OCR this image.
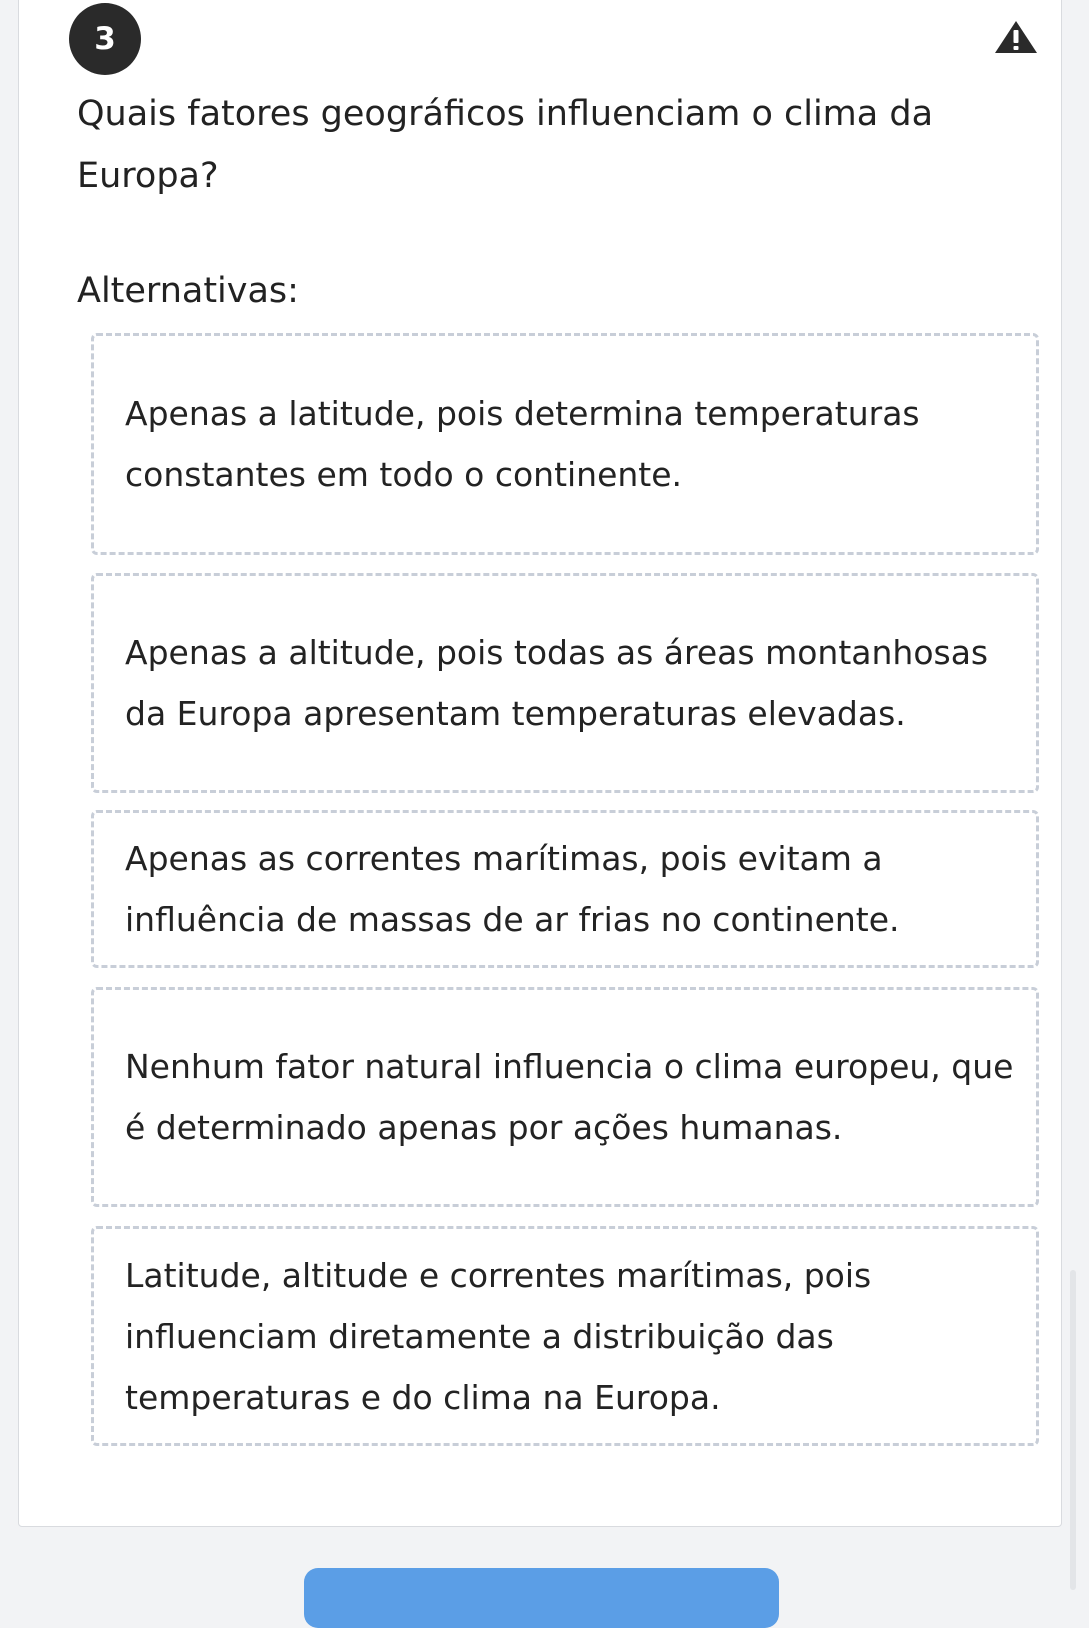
3
Quais fatores geográficos influenciam o clima da Europa?
Alternativas:
Apenas a latitude, pois determina temperaturas constantes em todo o continente.
Apenas a altitude, pois todas as áreas montanhosas da Europa apresentam temperaturas elevadas.
Apenas as correntes marítimas, pois evitam a influência de massas de ar frias no continente.
Nenhum fator natural influencia o clima europeu, que é determinado apenas por ações humanas.
Latitude, altitude e correntes marítimas, pois influenciam diretamente a distribuição das temperaturas e do clima na Europa.
